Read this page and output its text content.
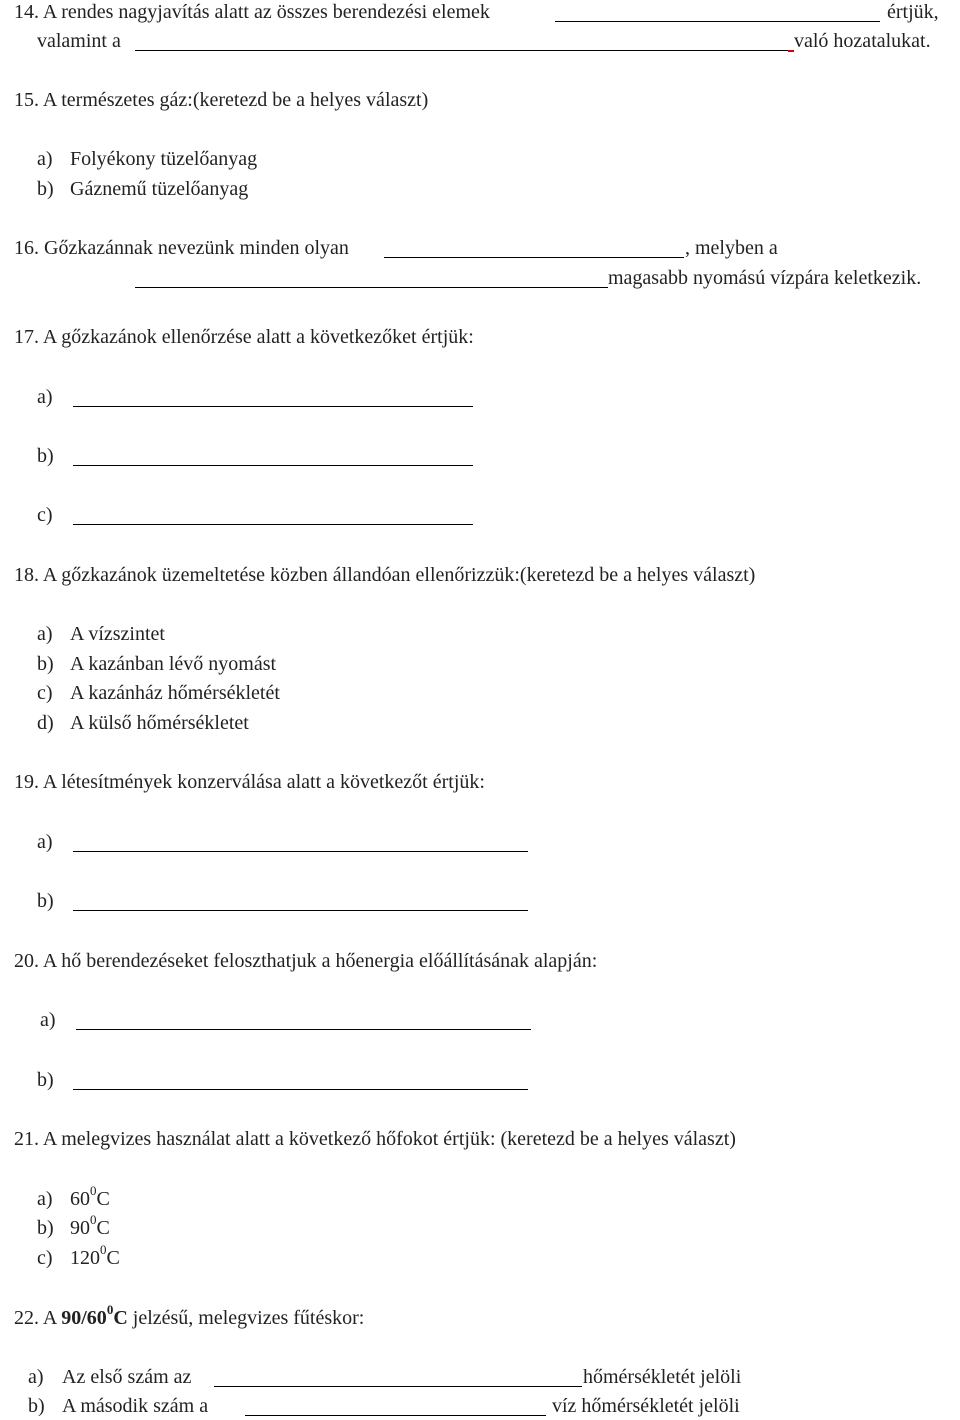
14. A rendes nagyjavítás alatt az összes berendezési elemek	értjük,
valamint a	való hozatalukat.
15. A természetes gáz:(keretezd be a helyes választ)
a) Folyékony tüzelőanyag
b) Gáznemű tüzelőanyag
16. Gőzkazánnak nevezünk minden olyan	, melyben a
magasabb nyomású vízpára keletkezik.
17. A gőzkazánok ellenőrzése alatt a következőket értjük:
a)
b)
c)
18. A gőzkazánok üzemeltetése közben állandóan ellenőrizzük:(keretezd be a helyes választ)
a) A vízszintet
b) A kazánban lévő nyomást
c) A kazánház hőmérsékletét
d) A külső hőmérsékletet
19. A létesítmények konzerválása alatt a következőt értjük:
a)
b)
20. A hő berendezéseket feloszthatjuk a hőenergia előállításának alapján:
a)
b)
21. A melegvizes használat alatt a következő hőfokot értjük: (keretezd be a helyes választ)
a) $60^0C$
b) $90^0C$
c) $120^0C$
22. A $90/60^0C$ jelzésű, melegvizes fűtéskor:
a) Az első szám az	hőmérsékletét jelöli
b) A második szám a	víz hőmérsékletét jelöli
